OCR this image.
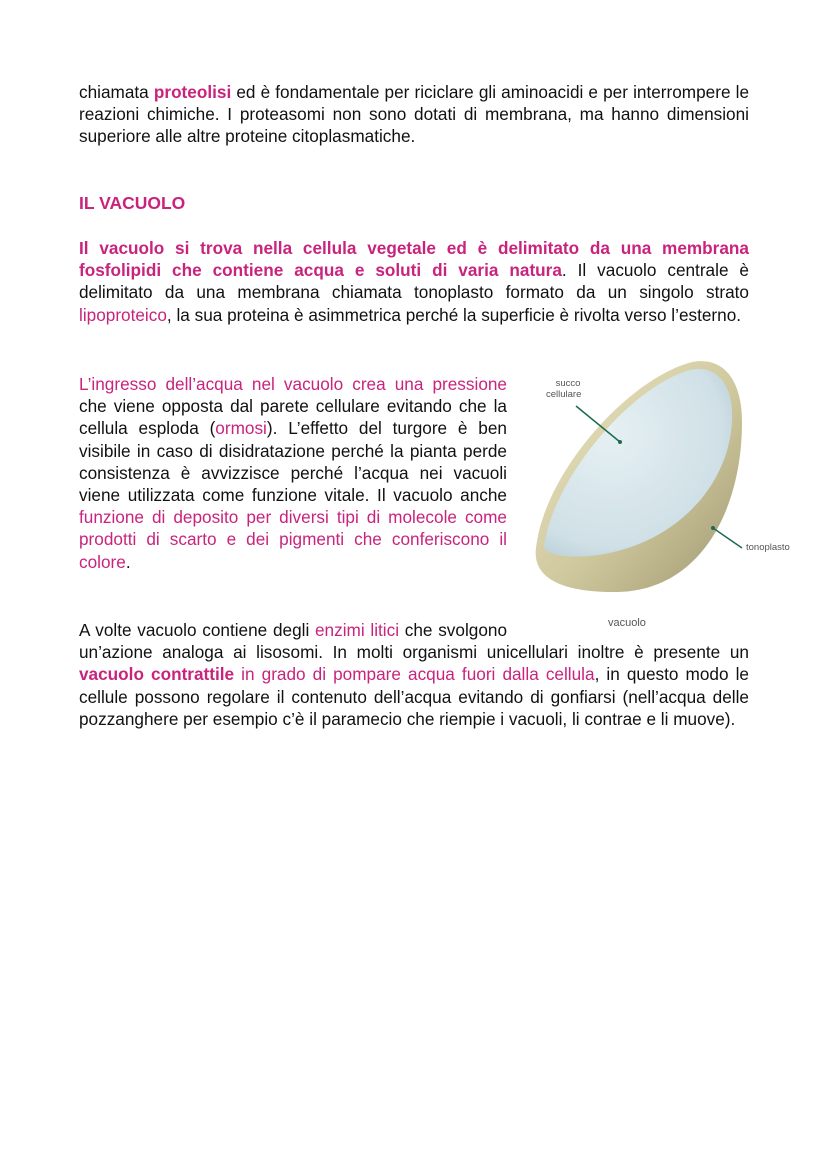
chiamata proteolisi ed è fondamentale per riciclare gli aminoacidi e per interrompere le reazioni chimiche. I proteasomi non sono dotati di membrana, ma hanno dimensioni superiore alle altre proteine citoplasmatiche.

IL VACUOLO

Il vacuolo si trova nella cellula vegetale ed è delimitato da una membrana fosfolipidi che contiene acqua e soluti di varia natura. Il vacuolo centrale è delimitato da una membrana chiamata tonoplasto formato da un singolo strato lipoproteico, la sua proteina è asimmetrica perché la superficie è rivolta verso l’esterno.

L’ingresso dell’acqua nel vacuolo crea una pressione che viene opposta dal parete cellulare evitando che la cellula esploda (ormosi). L’effetto del turgore è ben visibile in caso di disidratazione perché la pianta perde consistenza è avvizzisce perché l’acqua nei vacuoli viene utilizzata come funzione vitale. Il vacuolo anche funzione di deposito per diversi tipi di molecole come prodotti di scarto e dei pigmenti che conferiscono il colore.

A volte vacuolo contiene degli enzimi litici che svolgono un’azione analoga ai lisosomi. In molti organismi unicellulari inoltre è presente un vacuolo contrattile in grado di pompare acqua fuori dalla cellula, in questo modo le cellule possono regolare il contenuto dell’acqua evitando di gonfiarsi (nell’acqua delle pozzanghere per esempio c’è il paramecio che riempie i vacuoli, li contrae e li muove).

succo
cellulare
tonoplasto
vacuolo
